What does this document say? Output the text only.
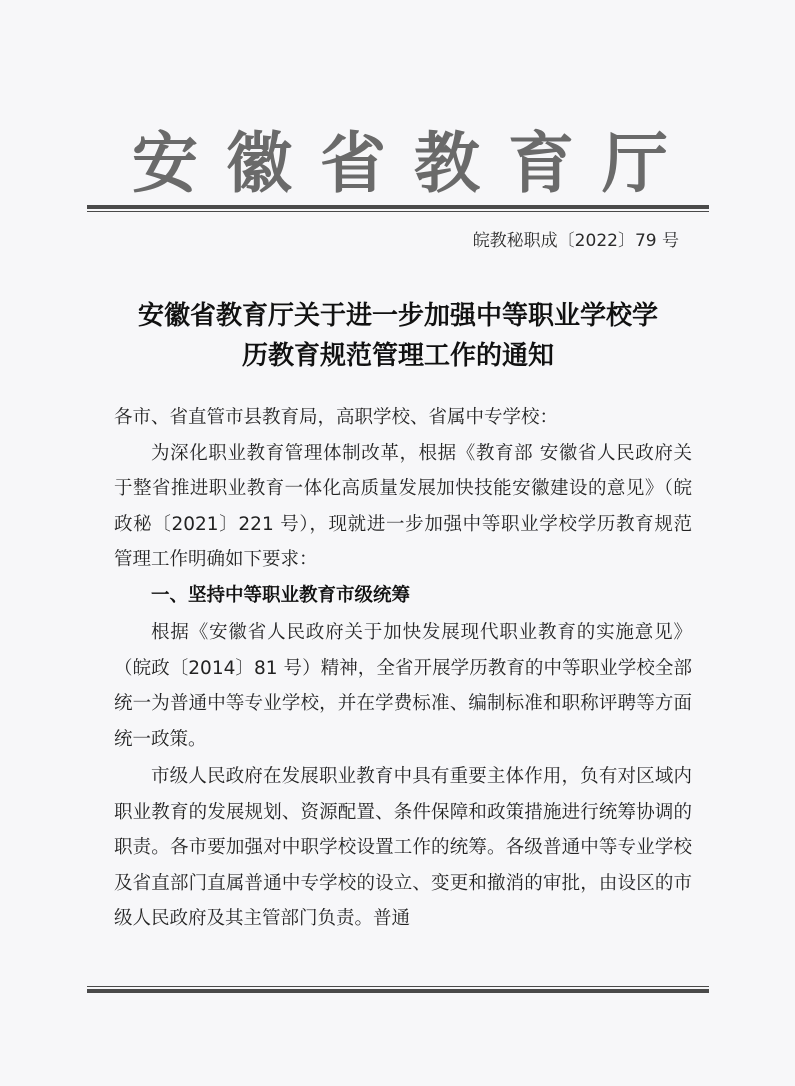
安徽省教育厅
皖教秘职成〔2022〕79 号
安徽省教育厅关于进一步加强中等职业学校学
历教育规范管理工作的通知

各市、省直管市县教育局，高职学校、省属中专学校：

为深化职业教育管理体制改革，根据《教育部 安徽省人民政府关于整省推进职业教育一体化高质量发展加快技能安徽建设的意见》（皖政秘〔2021〕221 号），现就进一步加强中等职业学校学历教育规范管理工作明确如下要求：

一、坚持中等职业教育市级统筹

根据《安徽省人民政府关于加快发展现代职业教育的实施意见》（皖政〔2014〕81 号）精神，全省开展学历教育的中等职业学校全部统一为普通中等专业学校，并在学费标准、编制标准和职称评聘等方面统一政策。

市级人民政府在发展职业教育中具有重要主体作用，负有对区域内职业教育的发展规划、资源配置、条件保障和政策措施进行统筹协调的职责。各市要加强对中职学校设置工作的统筹。各级普通中等专业学校及省直部门直属普通中专学校的设立、变更和撤消的审批，由设区的市级人民政府及其主管部门负责。普通
